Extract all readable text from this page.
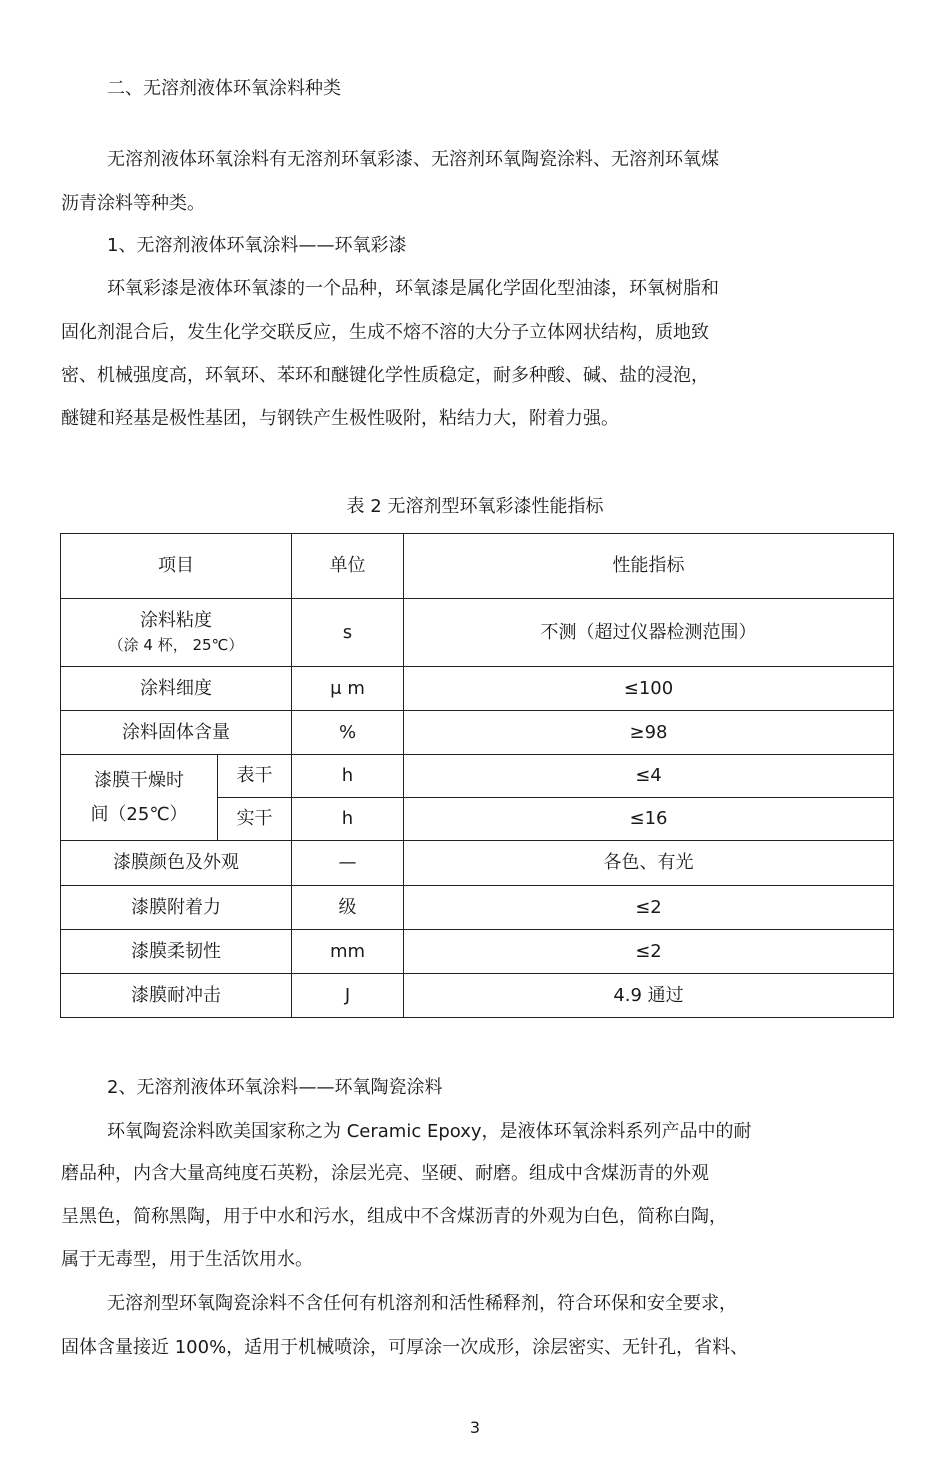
二、无溶剂液体环氧涂料种类
无溶剂液体环氧涂料有无溶剂环氧彩漆、无溶剂环氧陶瓷涂料、无溶剂环氧煤
沥青涂料等种类。
1、无溶剂液体环氧涂料——环氧彩漆
环氧彩漆是液体环氧漆的一个品种，环氧漆是属化学固化型油漆，环氧树脂和
固化剂混合后，发生化学交联反应，生成不熔不溶的大分子立体网状结构，质地致
密、机械强度高，环氧环、苯环和醚键化学性质稳定，耐多种酸、碱、盐的浸泡，
醚键和羟基是极性基团，与钢铁产生极性吸附，粘结力大，附着力强。
表 2 无溶剂型环氧彩漆性能指标
项目		单位	性能指标

涂料粘度
（涂 4 杯， 25℃）		s	不测（超过仪器检测范围）
涂料细度		μ m	≤100
涂料固体含量		%	≥98

漆膜干燥时
间（25℃）	表干	h	≤4
	实干	h	≤16
漆膜颜色及外观		—	各色、有光
漆膜附着力		级	≤2
漆膜柔韧性		mm	≤2
漆膜耐冲击		J	4.9 通过
2、无溶剂液体环氧涂料——环氧陶瓷涂料
环氧陶瓷涂料欧美国家称之为 Ceramic Epoxy，是液体环氧涂料系列产品中的耐
磨品种，内含大量高纯度石英粉，涂层光亮、坚硬、耐磨。组成中含煤沥青的外观
呈黑色，简称黑陶，用于中水和污水，组成中不含煤沥青的外观为白色，简称白陶，
属于无毒型，用于生活饮用水。
无溶剂型环氧陶瓷涂料不含任何有机溶剂和活性稀释剂，符合环保和安全要求，
固体含量接近 100%，适用于机械喷涂，可厚涂一次成形，涂层密实、无针孔，省料、
3
